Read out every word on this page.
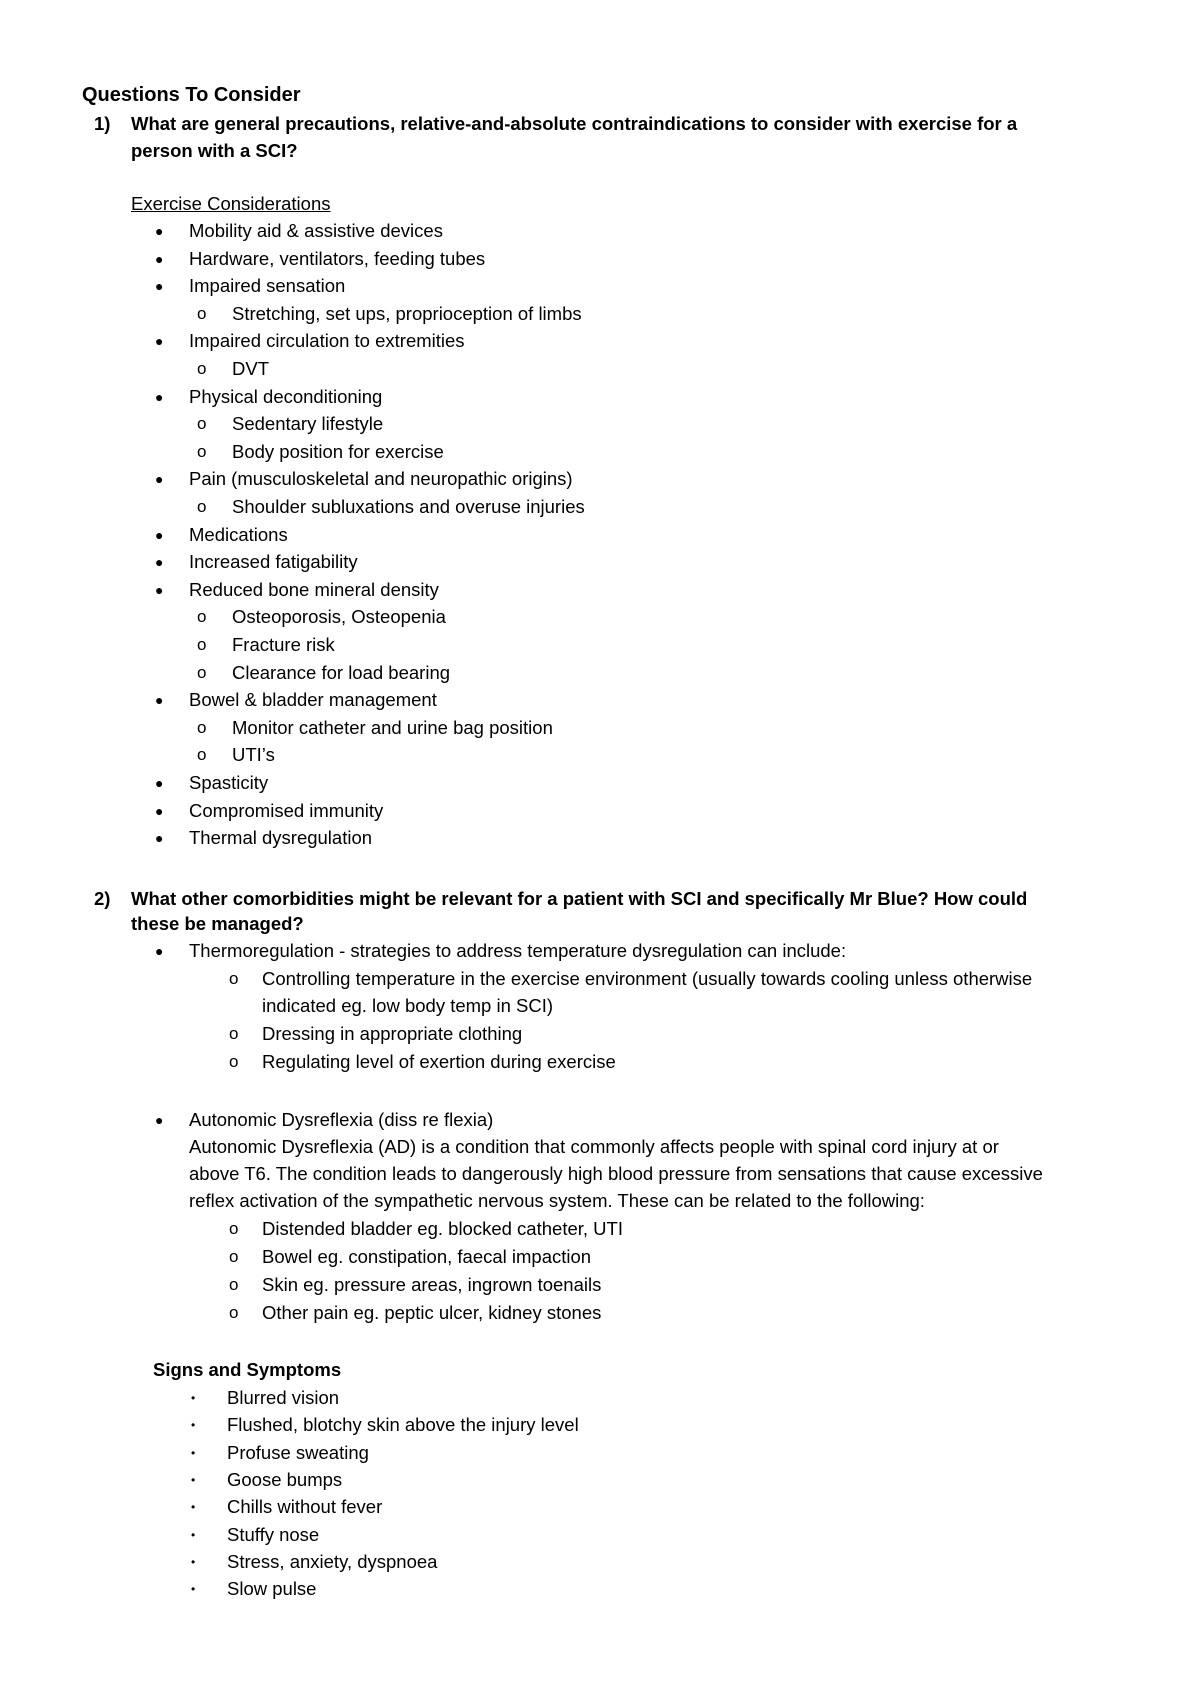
Questions To Consider
1) What are general precautions, relative-and-absolute contraindications to consider with exercise for a
person with a SCI?
Exercise Considerations
● Mobility aid & assistive devices
● Hardware, ventilators, feeding tubes
● Impaired sensation
o Stretching, set ups, proprioception of limbs
● Impaired circulation to extremities
o DVT
● Physical deconditioning
o Sedentary lifestyle
o Body position for exercise
● Pain (musculoskeletal and neuropathic origins)
o Shoulder subluxations and overuse injuries
● Medications
● Increased fatigability
● Reduced bone mineral density
o Osteoporosis, Osteopenia
o Fracture risk
o Clearance for load bearing
● Bowel & bladder management
o Monitor catheter and urine bag position
o UTI’s
● Spasticity
● Compromised immunity
● Thermal dysregulation
2) What other comorbidities might be relevant for a patient with SCI and specifically Mr Blue? How could
these be managed?
● Thermoregulation - strategies to address temperature dysregulation can include:
o Controlling temperature in the exercise environment (usually towards cooling unless otherwise
indicated eg. low body temp in SCI)
o Dressing in appropriate clothing
o Regulating level of exertion during exercise
● Autonomic Dysreflexia (diss re flexia)
Autonomic Dysreflexia (AD) is a condition that commonly affects people with spinal cord injury at or
above T6. The condition leads to dangerously high blood pressure from sensations that cause excessive
reflex activation of the sympathetic nervous system. These can be related to the following:
o Distended bladder eg. blocked catheter, UTI
o Bowel eg. constipation, faecal impaction
o Skin eg. pressure areas, ingrown toenails
o Other pain eg. peptic ulcer, kidney stones
Signs and Symptoms
• Blurred vision
• Flushed, blotchy skin above the injury level
• Profuse sweating
• Goose bumps
• Chills without fever
• Stuffy nose
• Stress, anxiety, dyspnoea
• Slow pulse
